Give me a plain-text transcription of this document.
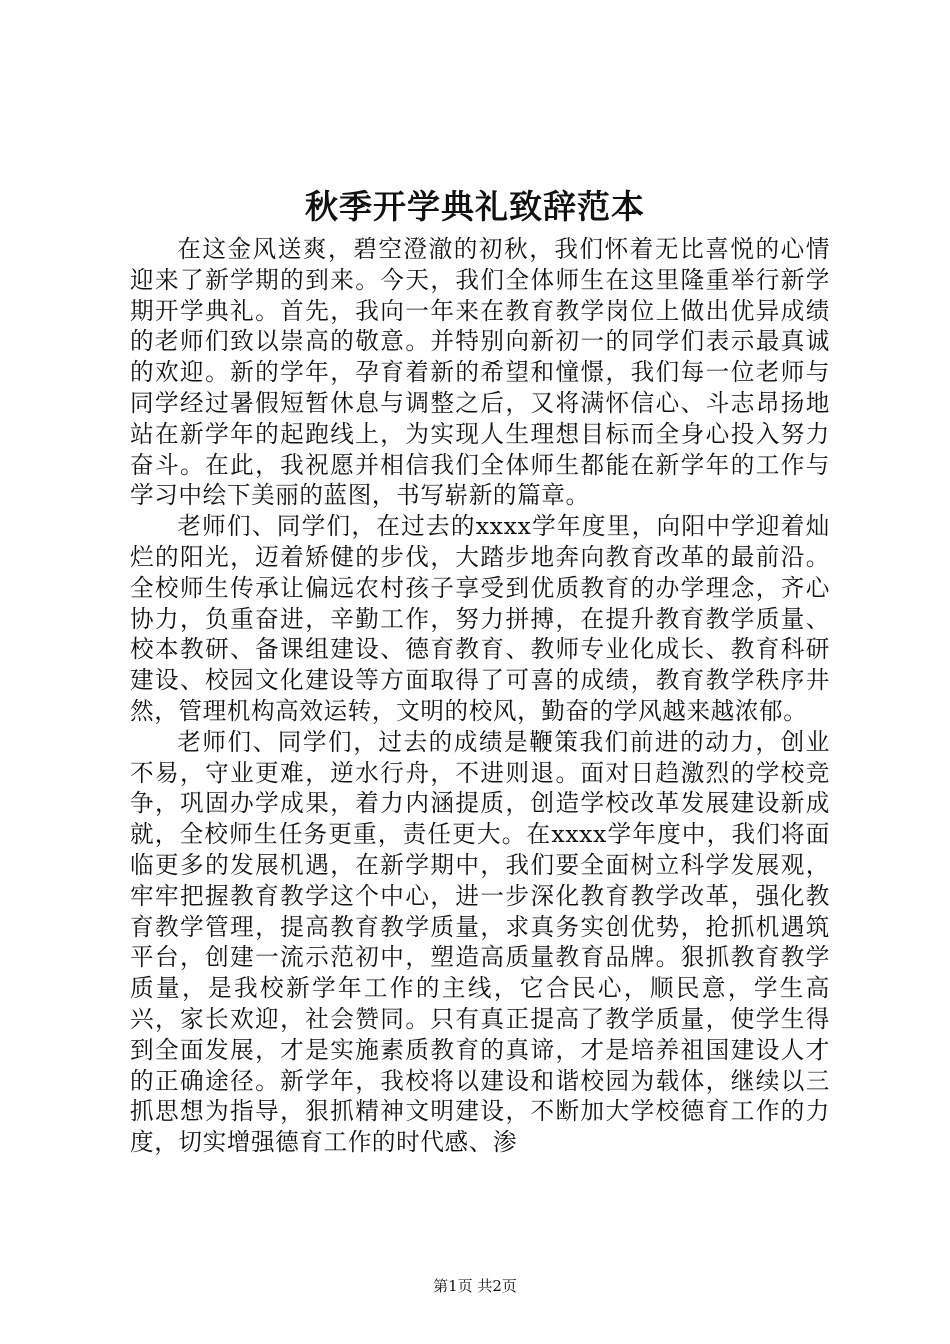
秋季开学典礼致辞范本

在这金风送爽，碧空澄澈的初秋，我们怀着无比喜悦的心情迎来了新学期的到来。今天，我们全体师生在这里隆重举行新学期开学典礼。首先，我向一年来在教育教学岗位上做出优异成绩的老师们致以崇高的敬意。并特别向新初一的同学们表示最真诚的欢迎。新的学年，孕育着新的希望和憧憬，我们每一位老师与同学经过暑假短暂休息与调整之后，又将满怀信心、斗志昂扬地站在新学年的起跑线上，为实现人生理想目标而全身心投入努力奋斗。在此，我祝愿并相信我们全体师生都能在新学年的工作与学习中绘下美丽的蓝图，书写崭新的篇章。

老师们、同学们，在过去的xxxx学年度里，向阳中学迎着灿烂的阳光，迈着矫健的步伐，大踏步地奔向教育改革的最前沿。全校师生传承让偏远农村孩子享受到优质教育的办学理念，齐心协力，负重奋进，辛勤工作，努力拼搏，在提升教育教学质量、校本教研、备课组建设、德育教育、教师专业化成长、教育科研建设、校园文化建设等方面取得了可喜的成绩，教育教学秩序井然，管理机构高效运转，文明的校风，勤奋的学风越来越浓郁。

老师们、同学们，过去的成绩是鞭策我们前进的动力，创业不易，守业更难，逆水行舟，不进则退。面对日趋激烈的学校竞争，巩固办学成果，着力内涵提质，创造学校改革发展建设新成就，全校师生任务更重，责任更大。在xxxx学年度中，我们将面临更多的发展机遇，在新学期中，我们要全面树立科学发展观，牢牢把握教育教学这个中心，进一步深化教育教学改革，强化教育教学管理，提高教育教学质量，求真务实创优势，抢抓机遇筑平台，创建一流示范初中，塑造高质量教育品牌。狠抓教育教学质量，是我校新学年工作的主线，它合民心，顺民意，学生高兴，家长欢迎，社会赞同。只有真正提高了教学质量，使学生得到全面发展，才是实施素质教育的真谛，才是培养祖国建设人才的正确途径。新学年，我校将以建设和谐校园为载体，继续以三抓思想为指导，狠抓精神文明建设，不断加大学校德育工作的力度，切实增强德育工作的时代感、渗

第1页 共2页
